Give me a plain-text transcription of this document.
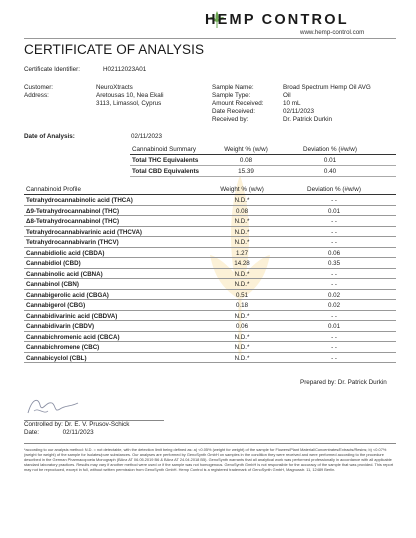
HEMP CONTROL
www.hemp-control.com
CERTIFICATE OF ANALYSIS
Certificate Identifier:	H02112023A01
Customer:	NeuroXtracts
Address:	Aretousas 10, Nea Ekali
3113, Limassol, Cyprus
Sample Name:	Broad Spectrum Hemp Oil AVG
Sample Type:	Oil
Amount Received:	10 mL
Date Received:	02/11/2023
Received by:	Dr. Patrick Durkin
Date of Analysis:	02/11/2023
Cannabinoid Summary	Weight % (w/w)	Deviation % (#w/w)
Total THC Equivalents	0.08	0.01
Total CBD Equivalents	15.39	0.40
Cannabinoid Profile	Weight % (w/w)	Deviation % (#w/w)
Tetrahydrocannabinolic acid (THCA)	N.D.*	- -
Δ9-Tetrahydrocannabinol (THC)	0.08	0.01
Δ8-Tetrahydrocannabinol (THC)	N.D.*	- -
Tetrahydrocannabivarinic acid (THCVA)	N.D.*	- -
Tetrahydrocannabivarin (THCV)	N.D.*	- -
Cannabidiolic acid (CBDA)	1.27	0.06
Cannabidiol (CBD)	14.28	0.35
Cannabinolic acid (CBNA)	N.D.*	- -
Cannabinol (CBN)	N.D.*	- -
Cannabigerolic acid (CBGA)	0.51	0.02
Cannabigerol (CBG)	0.18	0.02
Cannabidivarinic acid (CBDVA)	N.D.*	- -
Cannabidivarin (CBDV)	0.06	0.01
Cannabichromenic acid (CBCA)	N.D.*	- -
Cannabichromene (CBC)	N.D.*	- -
Cannabicyclol (CBL)	N.D.*	- -
Prepared by: Dr. Patrick Durkin
Controlled by: Dr. E. V. Prusov-Schick
Date:	02/11/2023
*according to our analysis method: N.D. = not detectable, with the detection limit being defined as: a) <0.05% (weight for weight) of the sample for Flowers/Plant Material/Concentrates/Extracts/Resins; b) <0.07% (weight for weight) of the sample for Isolates/pure substances. Our analyses are performed by GenoSynth GmbH on samples in the condition they were received and were performed according to the procedure described in the German Pharmacopoeia Monograph (BAnz AT 06.05.2019 B6 & BAnz AT 24.04.2018 B5). GenoSynth warrants that all analytical work was performed professionally in accordance with all applicable standard laboratory practices. Results may vary if another method were used or if the sample was not homogenous. GenoSynth GmbH is not responsible for the accuracy of the sample that was provided. This report may not be reproduced, except in full, without written permission from GenoSynth GmbH. Hemp Control is a registered trademark of GenoSynth GmbH, Magnusstr. 11, 12489 Berlin.
